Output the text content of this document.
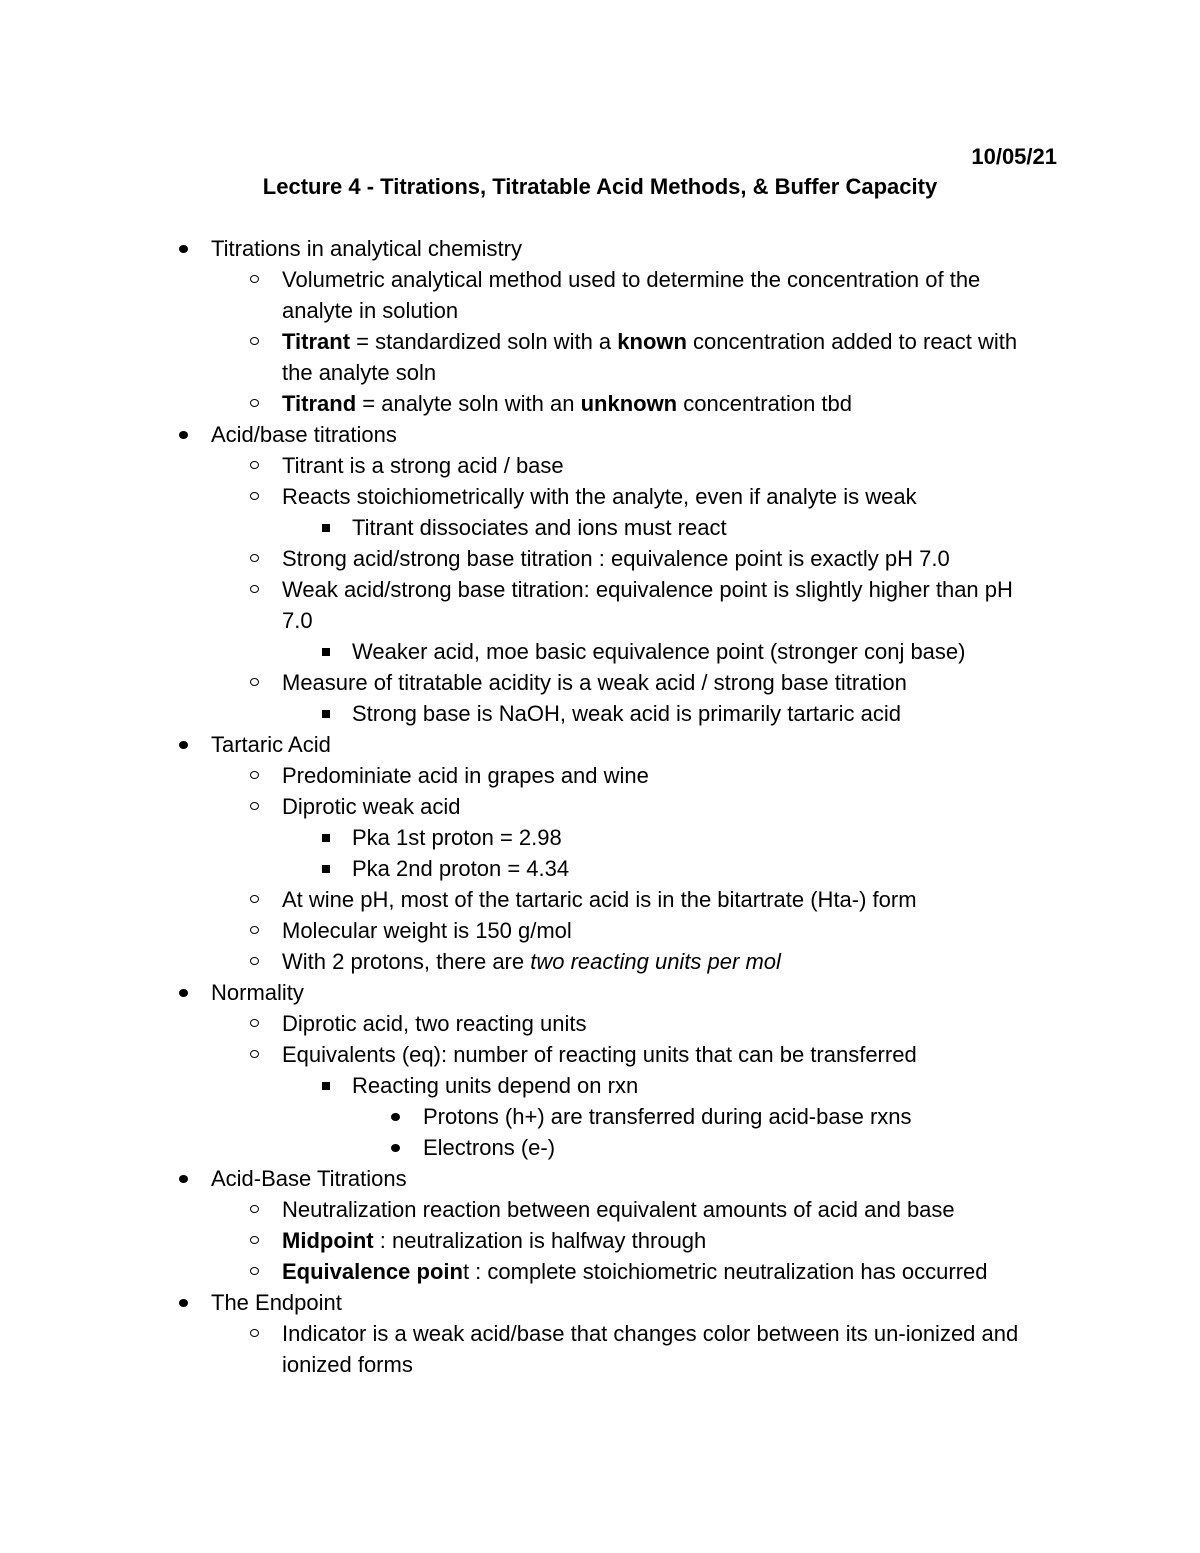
10/05/21
Lecture 4 - Titrations, Titratable Acid Methods, & Buffer Capacity
Titrations in analytical chemistry
Volumetric analytical method used to determine the concentration of the analyte in solution
Titrant = standardized soln with a known concentration added to react with the analyte soln
Titrand = analyte soln with an unknown concentration tbd
Acid/base titrations
Titrant is a strong acid / base
Reacts stoichiometrically with the analyte, even if analyte is weak
Titrant dissociates and ions must react
Strong acid/strong base titration : equivalence point is exactly pH 7.0
Weak acid/strong base titration: equivalence point is slightly higher than pH 7.0
Weaker acid, moe basic equivalence point (stronger conj base)
Measure of titratable acidity is a weak acid / strong base titration
Strong base is NaOH, weak acid is primarily tartaric acid
Tartaric Acid
Predominiate acid in grapes and wine
Diprotic weak acid
Pka 1st proton = 2.98
Pka 2nd proton = 4.34
At wine pH, most of the tartaric acid is in the bitartrate (Hta-) form
Molecular weight is 150 g/mol
With 2 protons, there are two reacting units per mol
Normality
Diprotic acid, two reacting units
Equivalents (eq): number of reacting units that can be transferred
Reacting units depend on rxn
Protons (h+) are transferred during acid-base rxns
Electrons (e-)
Acid-Base Titrations
Neutralization reaction between equivalent amounts of acid and base
Midpoint : neutralization is halfway through
Equivalence point : complete stoichiometric neutralization has occurred
The Endpoint
Indicator is a weak acid/base that changes color between its un-ionized and ionized forms
